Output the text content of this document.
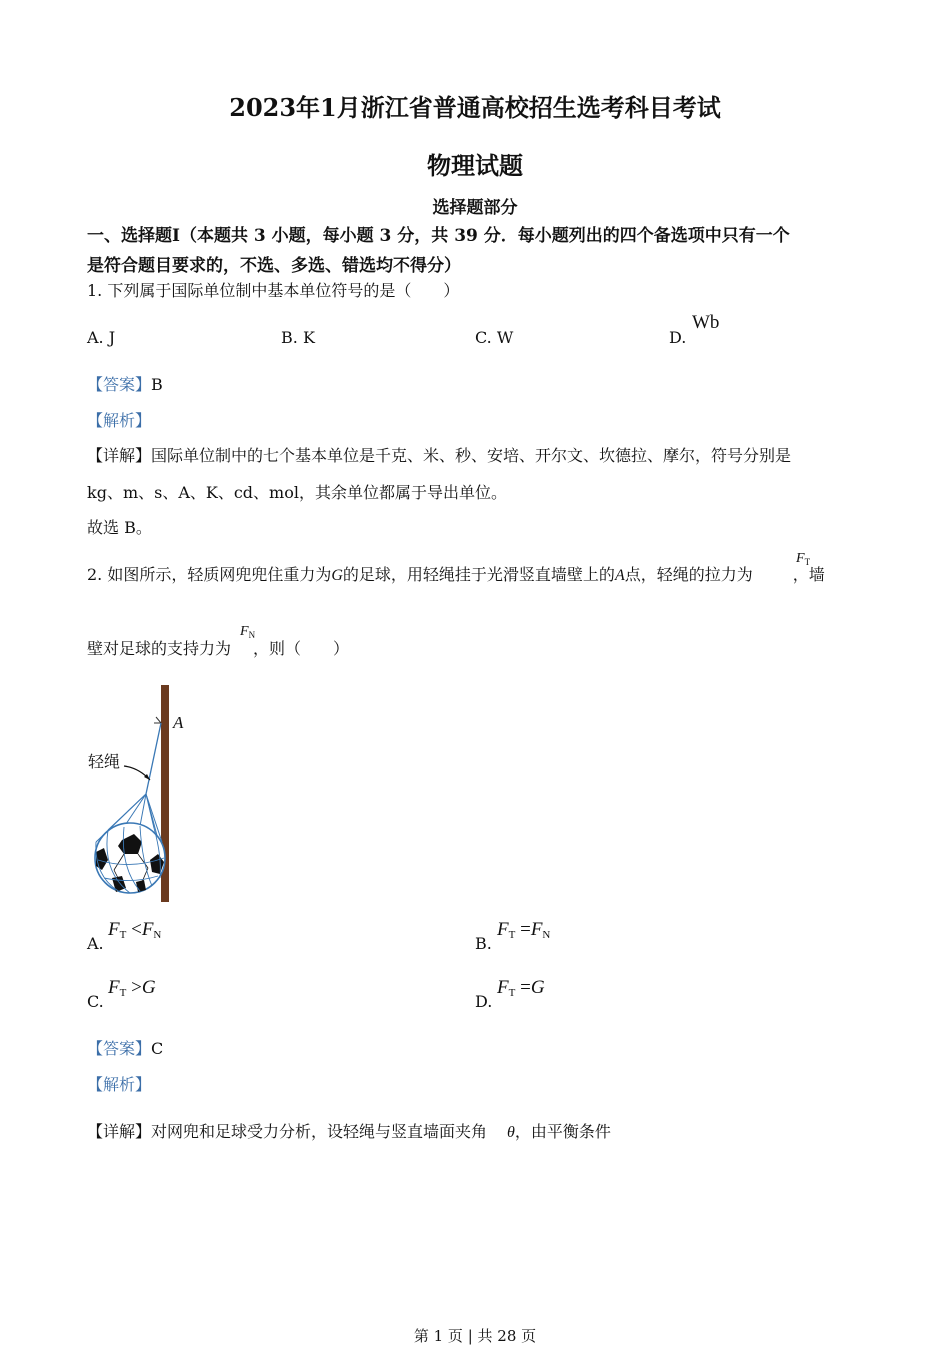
2023年1月浙江省普通高校招生选考科目考试
物理试题
选择题部分
一、选择题Ⅰ（本题共 3 小题，每小题 3 分，共 39 分．每小题列出的四个备选项中只有一个
是符合题目要求的，不选、多选、错选均不得分）
1. 下列属于国际单位制中基本单位符号的是（　　）
A. J	B. K	C. W	D.
Wb
【答案】B
【解析】
【详解】国际单位制中的七个基本单位是千克、米、秒、安培、开尔文、坎德拉、摩尔，符号分别是
kg、m、s、A、K、cd、mol，其余单位都属于导出单位。
故选 B。
2. 如图所示，轻质网兜兜住重力为G的足球，用轻绳挂于光滑竖直墙壁上的A点，轻绳的拉力为	，墙
$F_T$
壁对足球的支持力为 ，则（　　）
$F_N$
轻绳
A
A.
$F_T <F_N$	B.
$F_T =F_N$
C.
$F_T >G$
D.
$F_T =G$
【答案】C
【解析】
【详解】对网兜和足球受力分析，设轻绳与竖直墙面夹角 θ，由平衡条件
第 1 页 | 共 28 页
